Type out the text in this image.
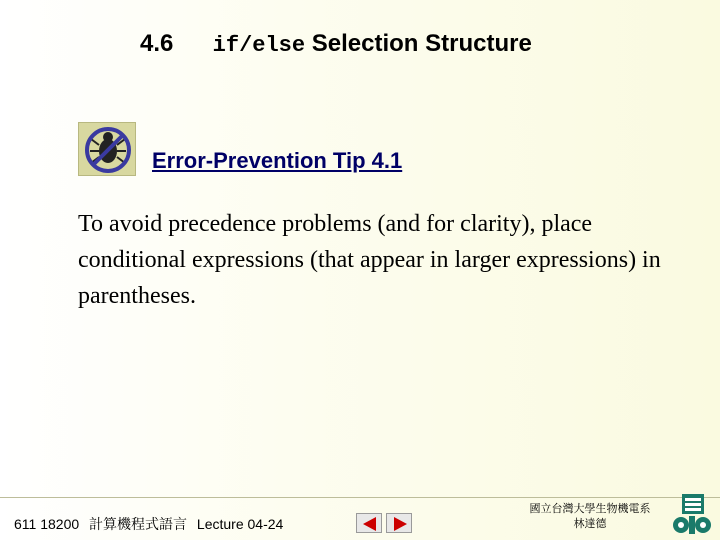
4.6 if/else Selection Structure
Error-Prevention Tip 4.1
To avoid precedence problems (and for clarity), place conditional expressions (that appear in larger expressions) in parentheses.
611 18200 計算機程式語言 Lecture 04-24
國立台灣大學生物機電系
林達德
